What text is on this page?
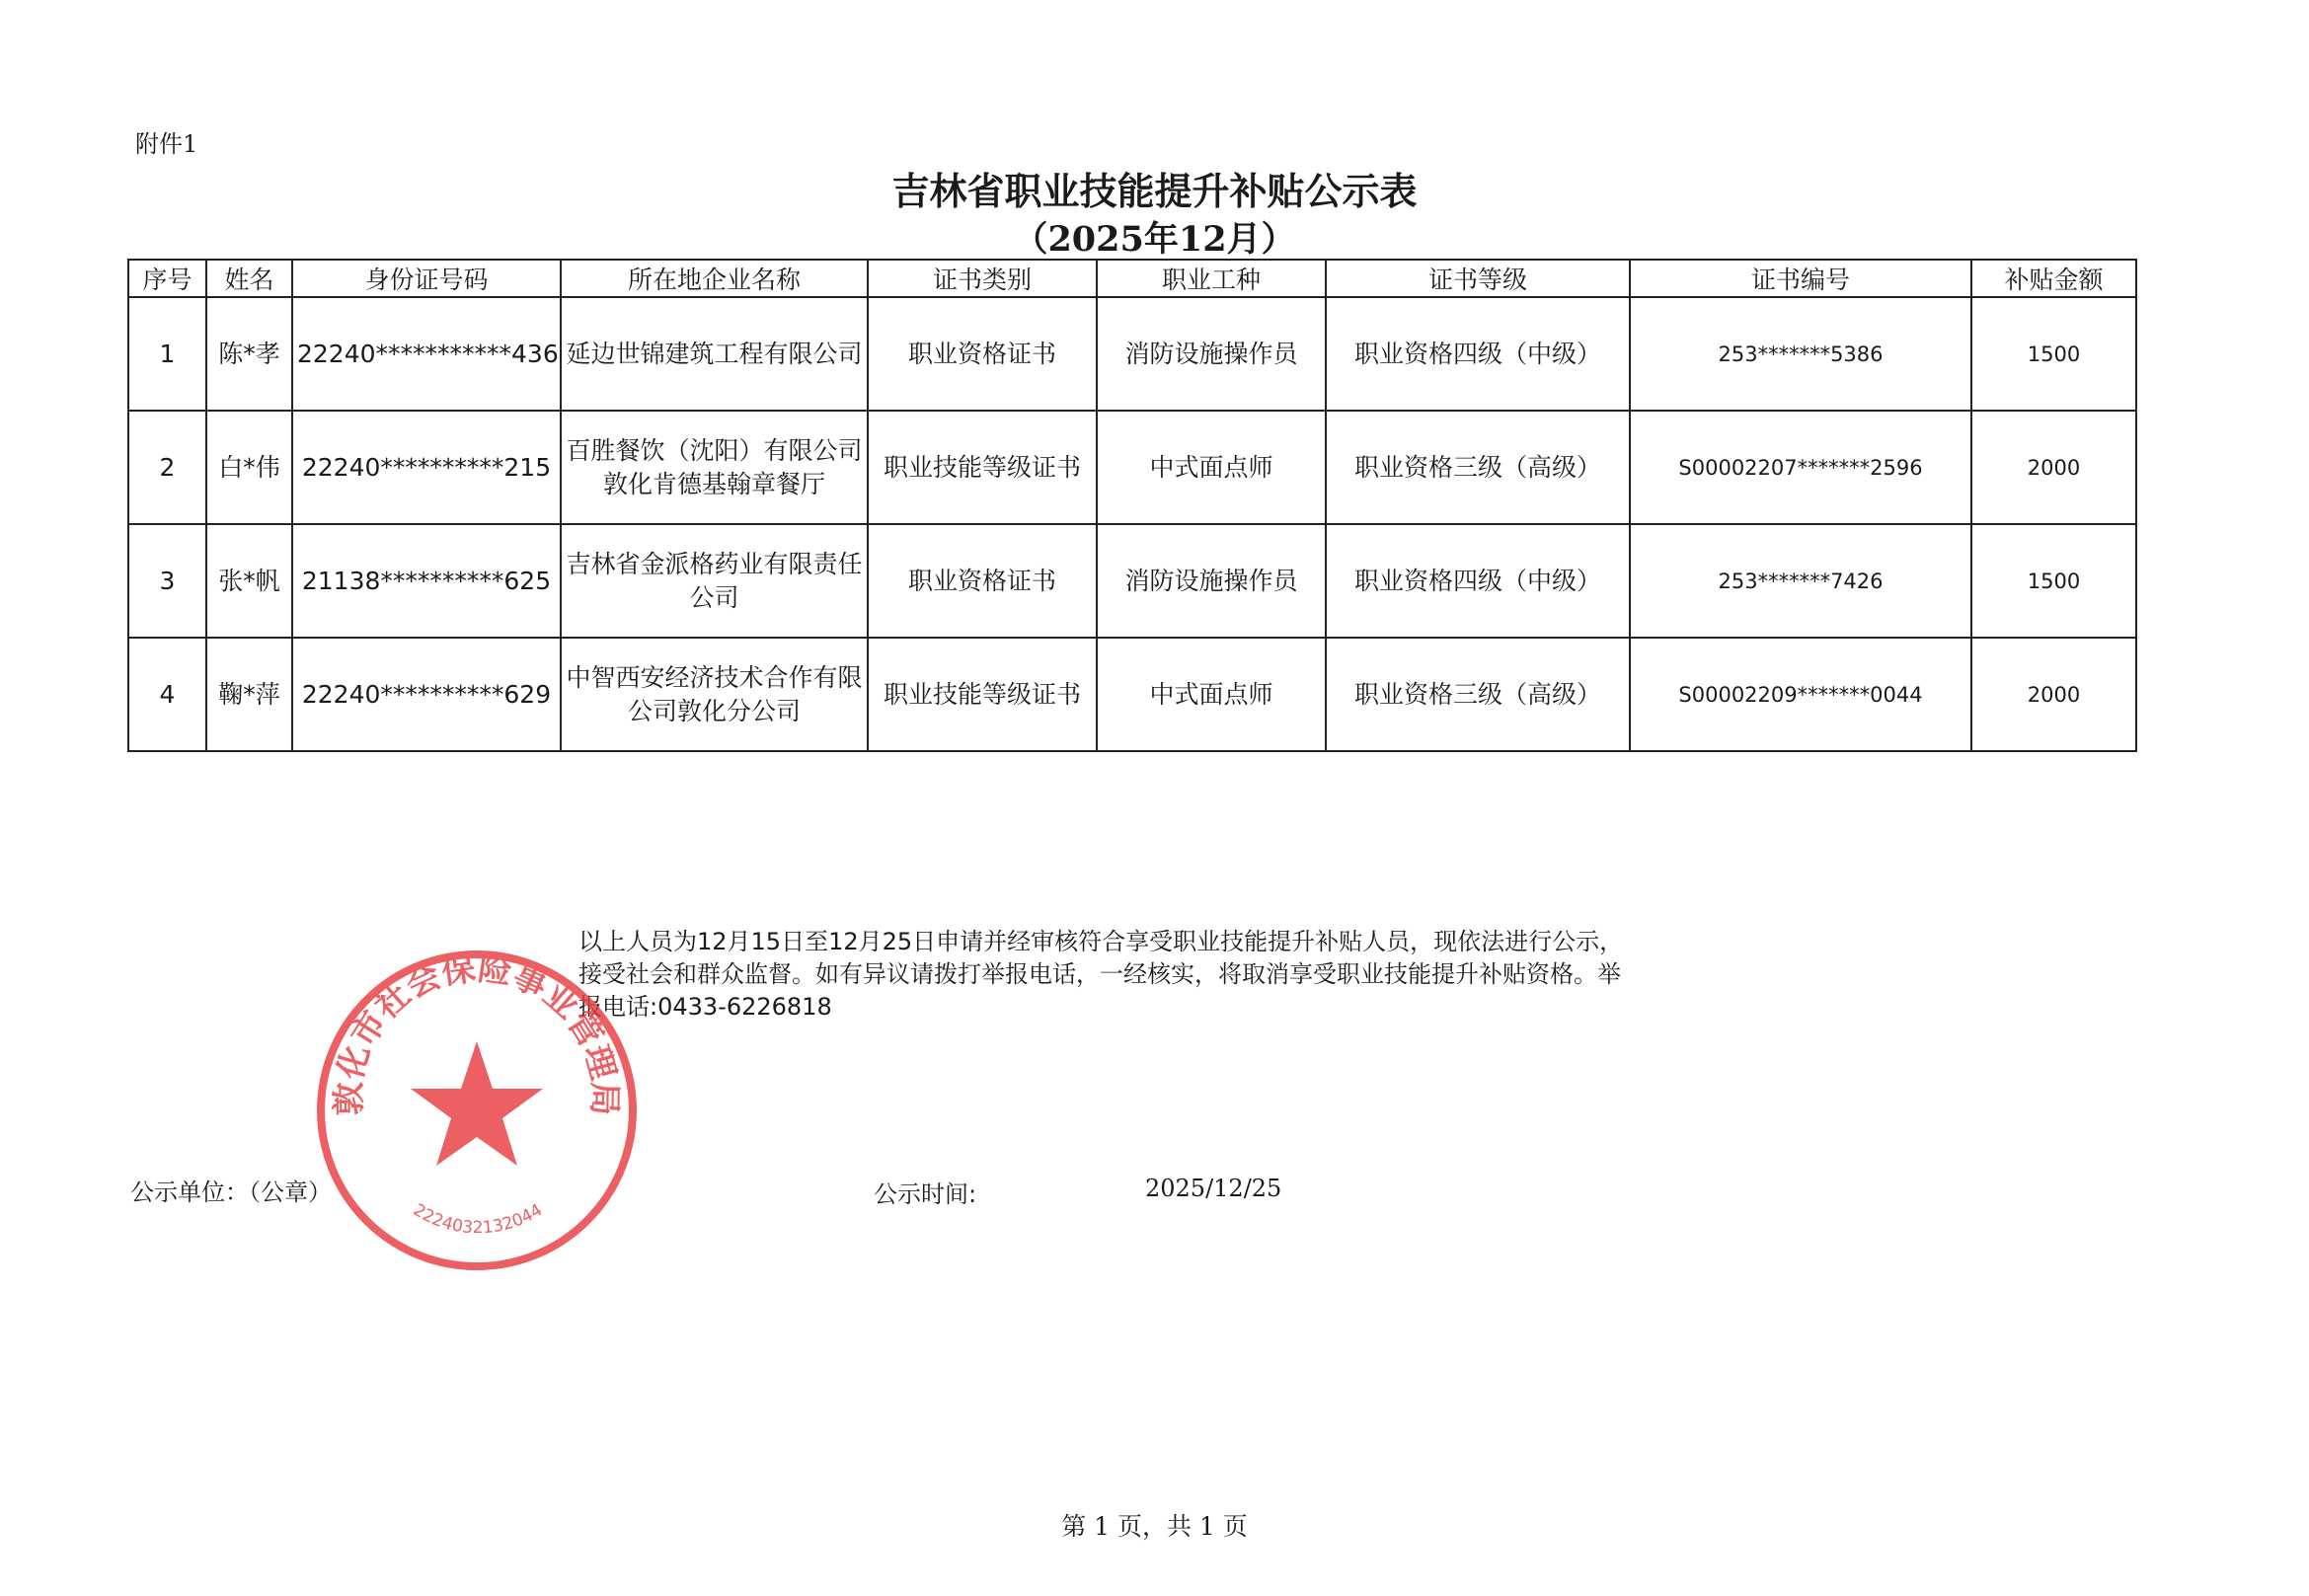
附件1
吉林省职业技能提升补贴公示表
（2025年12月）
序号	姓名	身份证号码	所在地企业名称	证书类别	职业工种	证书等级	证书编号	补贴金额
1	陈*孝	22240***********436	延边世锦建筑工程有限公司	职业资格证书	消防设施操作员	职业资格四级（中级）	253*******5386	1500
2	白*伟	22240**********215	百胜餐饮（沈阳）有限公司敦化肯德基翰章餐厅	职业技能等级证书	中式面点师	职业资格三级（高级）	S00002207*******2596	2000
3	张*帆	21138**********625	吉林省金派格药业有限责任公司	职业资格证书	消防设施操作员	职业资格四级（中级）	253*******7426	1500
4	鞠*萍	22240**********629	中智西安经济技术合作有限公司敦化分公司	职业技能等级证书	中式面点师	职业资格三级（高级）	S00002209*******0044	2000
以上人员为12月15日至12月25日申请并经审核符合享受职业技能提升补贴人员，现依法进行公示，接受社会和群众监督。如有异议请拨打举报电话，一经核实，将取消享受职业技能提升补贴资格。举报电话:0433-6226818
敦化市社会保险事业管理局
2224032132044
公示单位：（公章）	公示时间:	2025/12/25
第 1 页，共 1 页
